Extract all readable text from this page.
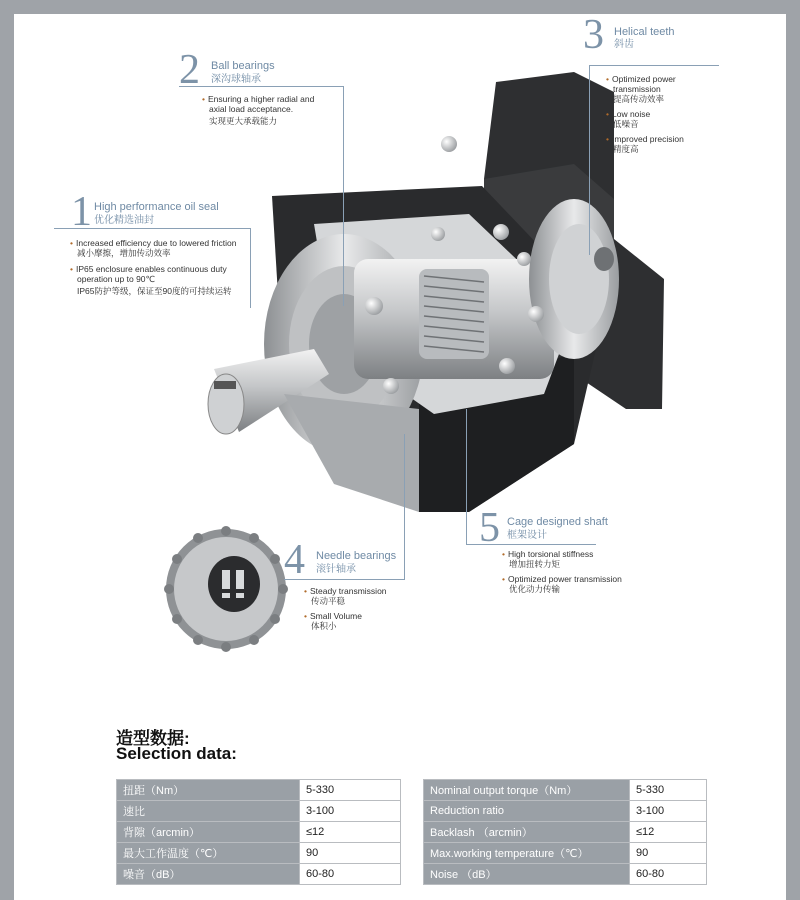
1 High performance oil seal
优化精选油封
• Increased efficiency due to lowered friction
减小摩擦，增加传动效率
• IP65 enclosure enables continuous duty
operation up to 90℃
IP65防护等级，保证至90度的可持续运转
2 Ball bearings
深沟球轴承
• Ensuring a higher radial and
axial load acceptance.
实现更大承载能力
3 Helical teeth
斜齿
• Optimized power
transmission
提高传动效率
• Low noise
低噪音
• Improved precision
精度高
4 Needle bearings
滚针轴承
• Steady transmission
传动平稳
• Small Volume
体积小
5 Cage designed shaft
框架设计
• High torsional stiffness
增加扭转力矩
• Optimized power transmission
优化动力传输
造型数据:
Selection data:
扭距（Nm）	5-330
速比	3-100
背隙（arcmin）	≤12
最大工作温度（℃）	90
噪音（dB）	60-80
Nominal output torque（Nm）	5-330
Reduction ratio	3-100
Backlash （arcmin）	≤12
Max.working temperature（℃）	90
Noise （dB）	60-80
